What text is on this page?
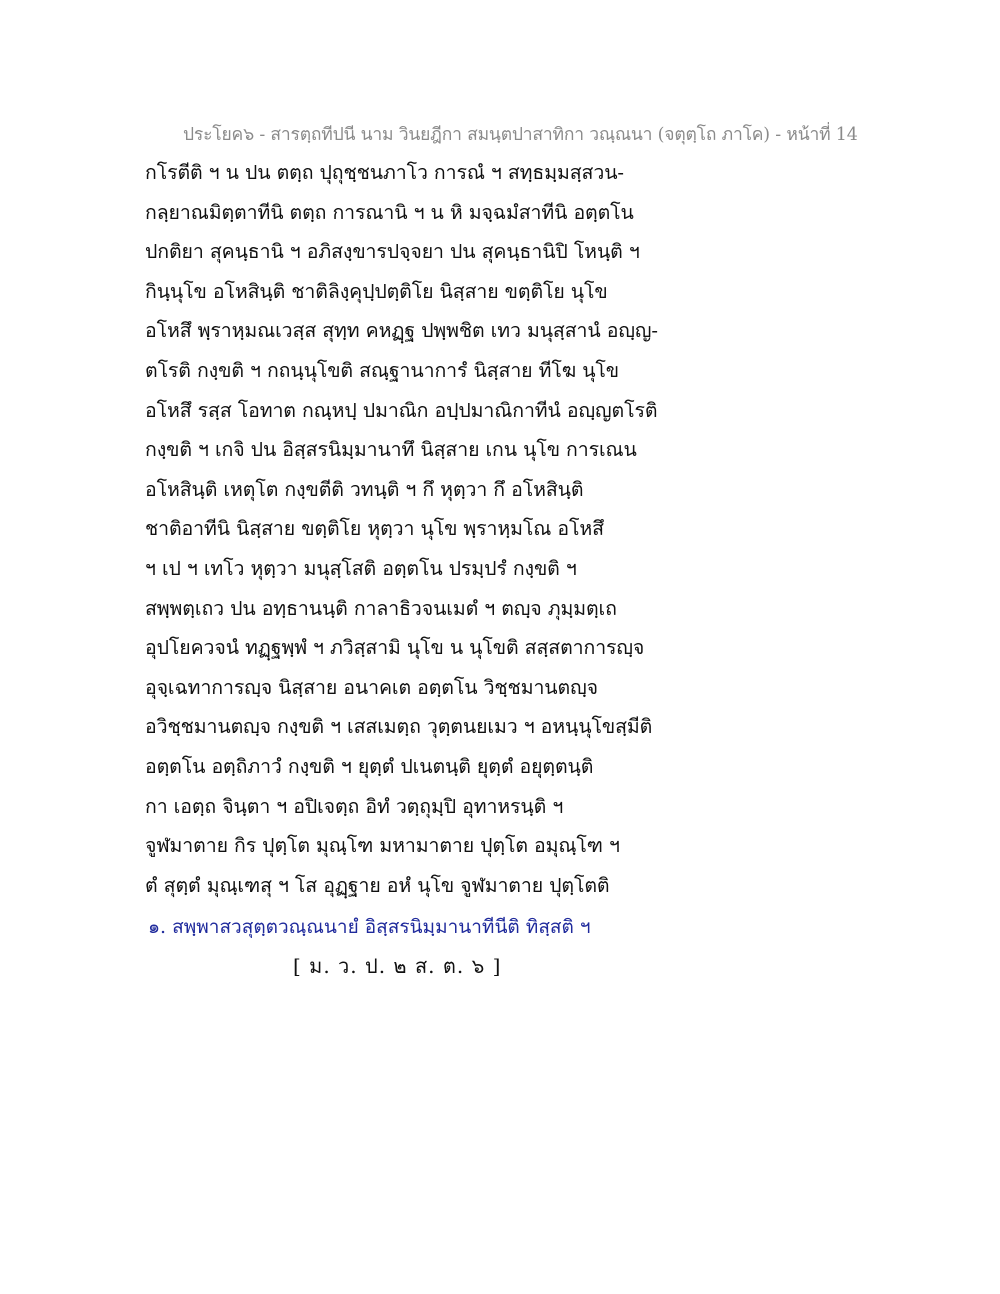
ประโยค๖ - สารตฺถทีปนี นาม วินยฎีกา สมนฺตปาสาทิกา วณฺณนา (จตุตฺโถ ภาโค) - หน้าที่ 14
กโรตีติ ฯ น ปน ตตฺถ ปุถุชฺชนภาโว การณํ ฯ สทฺธมฺมสฺสวน-
กลฺยาณมิตฺตาทีนิ ตตฺถ การณานิ ฯ น หิ มจฺฉมํสาทีนิ อตฺตโน
ปกติยา สุคนฺธานิ ฯ อภิสงฺขารปจฺจยา ปน สุคนฺธานิปิ โหนฺติ ฯ
กินฺนุโข อโหสินฺติ ชาติลิงฺคุปฺปตฺติโย นิสฺสาย ขตฺติโย นุโข
อโหสึ พฺราหฺมณเวสฺส สุทฺท คหฏฺฐ ปพฺพชิต เทว มนุสฺสานํ อญฺญ-
ตโรติ กงฺขติ ฯ กถนฺนุโขติ สณฺฐานาการํ นิสฺสาย ทีโฆ นุโข
อโหสึ รสฺส โอทาต กณฺหปฺ ปมาณิก อปฺปมาณิกาทีนํ อญฺญตโรติ
กงฺขติ ฯ เกจิ ปน อิสฺสรนิมฺมานาทึ นิสฺสาย เกน นุโข การเณน
อโหสินฺติ เหตุโต กงฺขตีติ วทนฺติ ฯ กึ หุตฺวา กึ อโหสินฺติ
ชาติอาทีนิ นิสฺสาย ขตฺติโย หุตฺวา นุโข พฺราหฺมโณ อโหสึ
ฯ เป ฯ เทโว หุตฺวา มนุสฺโสติ อตฺตโน ปรมฺปรํ กงฺขติ ฯ
สพฺพตฺเถว ปน อทฺธานนฺติ กาลาธิวจนเมตํ ฯ ตญฺจ ภุมฺมตฺเถ
อุปโยควจนํ ทฏฺฐพฺพํ ฯ ภวิสฺสามิ นุโข น นุโขติ สสฺสตาการญฺจ
อุจฺเฉทาการญฺจ นิสฺสาย อนาคเต อตฺตโน วิชฺชมานตญฺจ
อวิชฺชมานตญฺจ กงฺขติ ฯ เสสเมตฺถ วุตฺตนยเมว ฯ อหนฺนุโขสฺมีติ
อตฺตโน อตฺถิภาวํ กงฺขติ ฯ ยุตฺตํ ปเนตนฺติ ยุตฺตํ อยุตฺตนฺติ
กา เอตฺถ จินฺตา ฯ อปิเจตฺถ อิทํ วตฺถุมฺปิ อุทาหรนฺติ ฯ
จูฬมาตาย กิร ปุตฺโต มุณฺโฑ มหามาตาย ปุตฺโต อมุณฺโฑ ฯ
ตํ สุตฺตํ มุณฺเฑสุ ฯ โส อุฏฺฐาย อหํ นุโข จูฬมาตาย ปุตฺโตติ
๑. สพฺพาสวสุตฺตวณฺณนายํ อิสฺสรนิมฺมานาทีนีติ ทิสฺสติ ฯ
[ ม. ว. ป. ๒ ส. ต. ๖ ]
